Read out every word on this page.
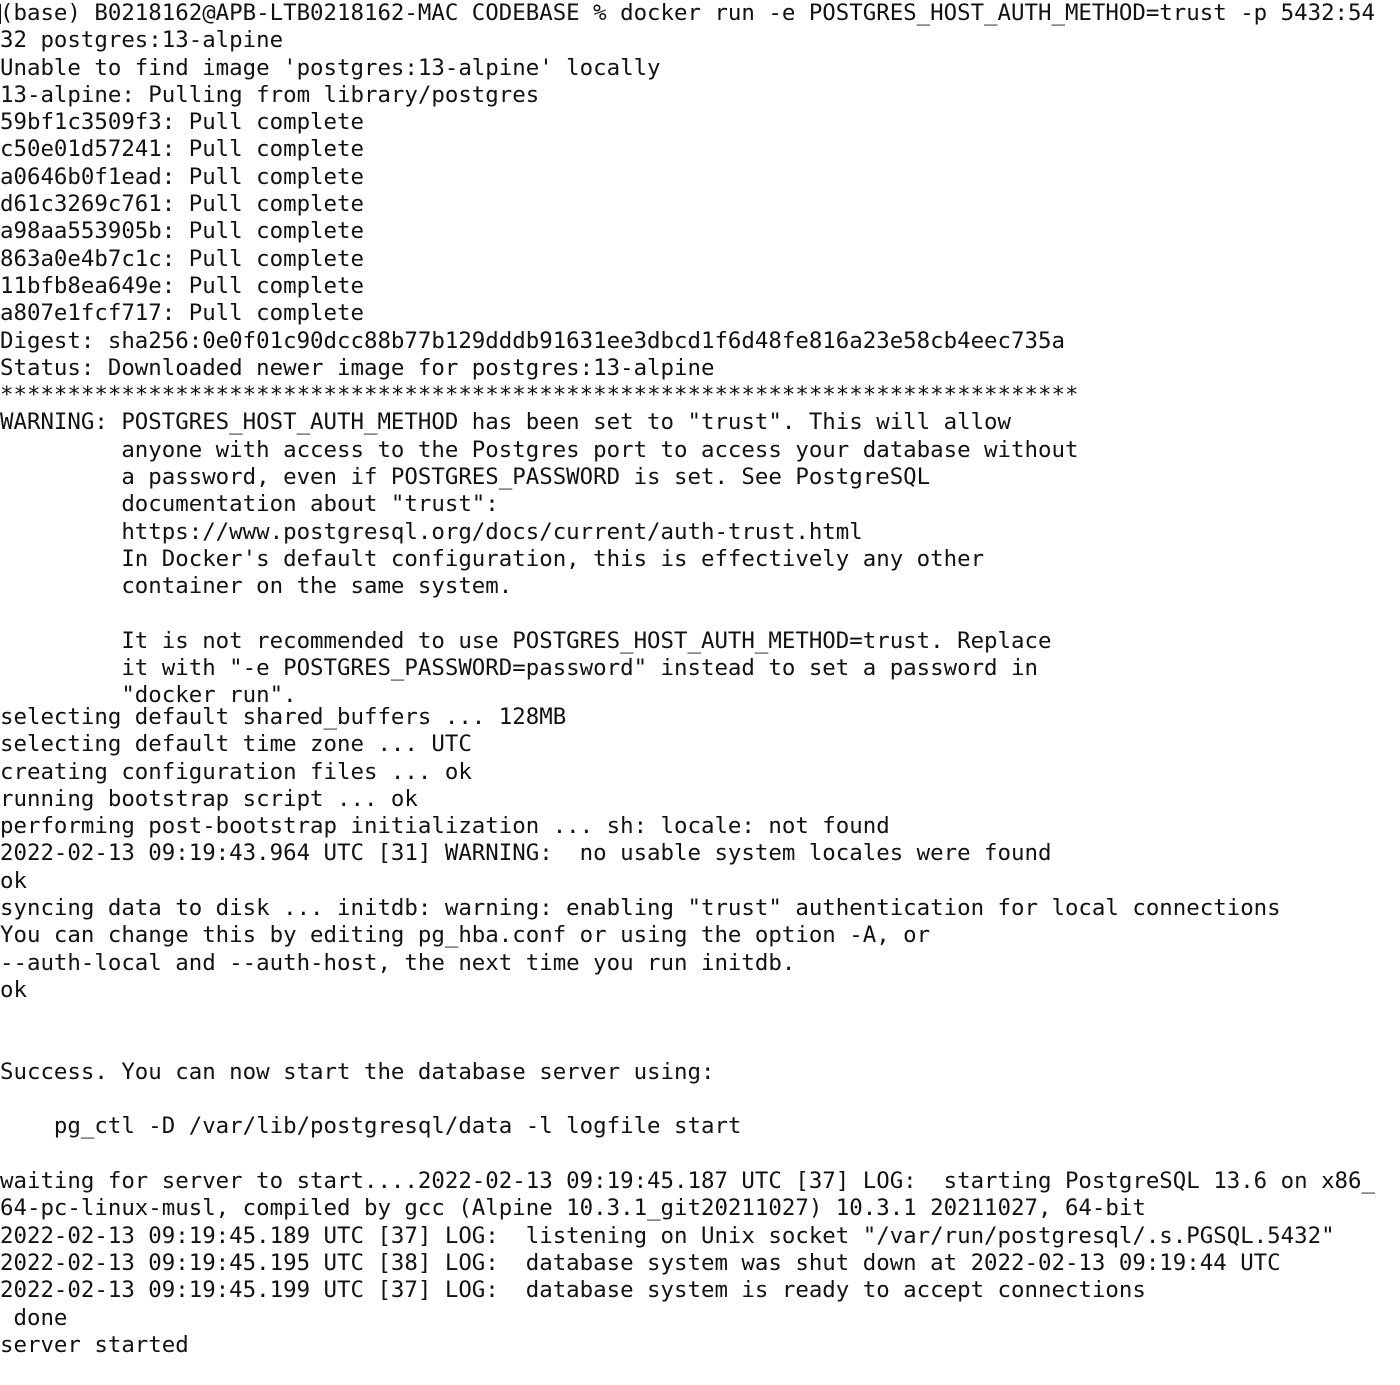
(base) B0218162@APB-LTB0218162-MAC CODEBASE % docker run -e POSTGRES_HOST_AUTH_METHOD=trust -p 5432:54
32 postgres:13-alpine
Unable to find image 'postgres:13-alpine' locally
13-alpine: Pulling from library/postgres
59bf1c3509f3: Pull complete
c50e01d57241: Pull complete
a0646b0f1ead: Pull complete
d61c3269c761: Pull complete
a98aa553905b: Pull complete
863a0e4b7c1c: Pull complete
11bfb8ea649e: Pull complete
a807e1fcf717: Pull complete
Digest: sha256:0e0f01c90dcc88b77b129dddb91631ee3dbcd1f6d48fe816a23e58cb4eec735a
Status: Downloaded newer image for postgres:13-alpine
********************************************************************************
WARNING: POSTGRES_HOST_AUTH_METHOD has been set to "trust". This will allow
anyone with access to the Postgres port to access your database without
a password, even if POSTGRES_PASSWORD is set. See PostgreSQL
documentation about "trust":
https://www.postgresql.org/docs/current/auth-trust.html
In Docker's default configuration, this is effectively any other
container on the same system.
It is not recommended to use POSTGRES_HOST_AUTH_METHOD=trust. Replace
it with "-e POSTGRES_PASSWORD=password" instead to set a password in
"docker run".
selecting default shared_buffers ... 128MB
selecting default time zone ... UTC
creating configuration files ... ok
running bootstrap script ... ok
performing post-bootstrap initialization ... sh: locale: not found
2022-02-13 09:19:43.964 UTC [31] WARNING:  no usable system locales were found
ok
syncing data to disk ... initdb: warning: enabling "trust" authentication for local connections
You can change this by editing pg_hba.conf or using the option -A, or
--auth-local and --auth-host, the next time you run initdb.
ok
Success. You can now start the database server using:
pg_ctl -D /var/lib/postgresql/data -l logfile start
waiting for server to start....2022-02-13 09:19:45.187 UTC [37] LOG:  starting PostgreSQL 13.6 on x86_
64-pc-linux-musl, compiled by gcc (Alpine 10.3.1_git20211027) 10.3.1 20211027, 64-bit
2022-02-13 09:19:45.189 UTC [37] LOG:  listening on Unix socket "/var/run/postgresql/.s.PGSQL.5432"
2022-02-13 09:19:45.195 UTC [38] LOG:  database system was shut down at 2022-02-13 09:19:44 UTC
2022-02-13 09:19:45.199 UTC [37] LOG:  database system is ready to accept connections
done
server started
